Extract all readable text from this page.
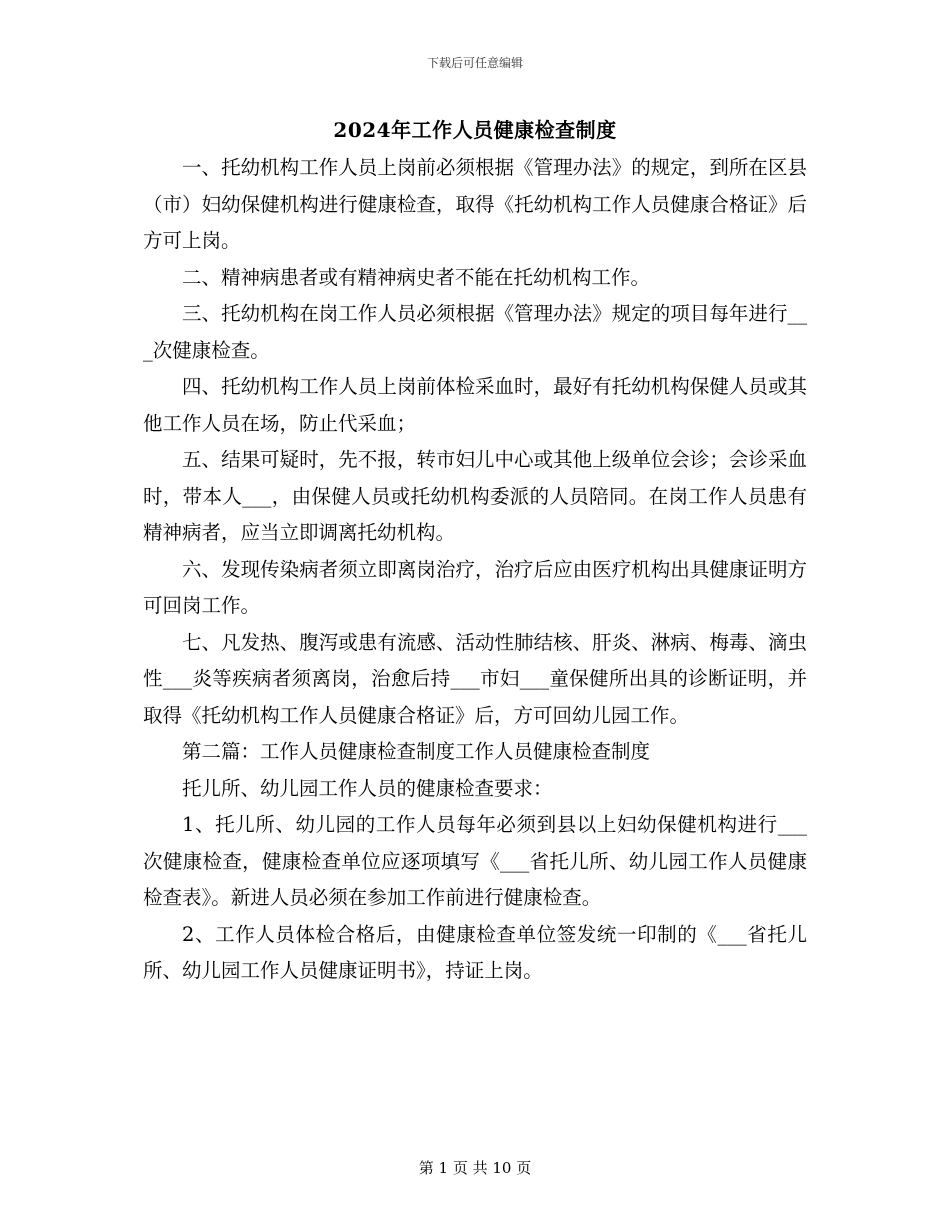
下载后可任意编辑
2024年工作人员健康检查制度

一、托幼机构工作人员上岗前必须根据《管理办法》的规定，到所在区县（市）妇幼保健机构进行健康检查，取得《托幼机构工作人员健康合格证》后方可上岗。

二、精神病患者或有精神病史者不能在托幼机构工作。

三、托幼机构在岗工作人员必须根据《管理办法》规定的项目每年进行___次健康检查。

四、托幼机构工作人员上岗前体检采血时，最好有托幼机构保健人员或其他工作人员在场，防止代采血；

五、结果可疑时，先不报，转市妇儿中心或其他上级单位会诊；会诊采血时，带本人___，由保健人员或托幼机构委派的人员陪同。在岗工作人员患有精神病者，应当立即调离托幼机构。

六、发现传染病者须立即离岗治疗，治疗后应由医疗机构出具健康证明方可回岗工作。

七、凡发热、腹泻或患有流感、活动性肺结核、肝炎、淋病、梅毒、滴虫性___炎等疾病者须离岗，治愈后持___市妇___童保健所出具的诊断证明，并取得《托幼机构工作人员健康合格证》后，方可回幼儿园工作。

第二篇：工作人员健康检查制度工作人员健康检查制度

托儿所、幼儿园工作人员的健康检查要求：

1、托儿所、幼儿园的工作人员每年必须到县以上妇幼保健机构进行___次健康检查，健康检查单位应逐项填写《___省托儿所、幼儿园工作人员健康检查表》。新进人员必须在参加工作前进行健康检查。

2、工作人员体检合格后，由健康检查单位签发统一印制的《___省托儿所、幼儿园工作人员健康证明书》，持证上岗。

第 1 页 共 10 页
